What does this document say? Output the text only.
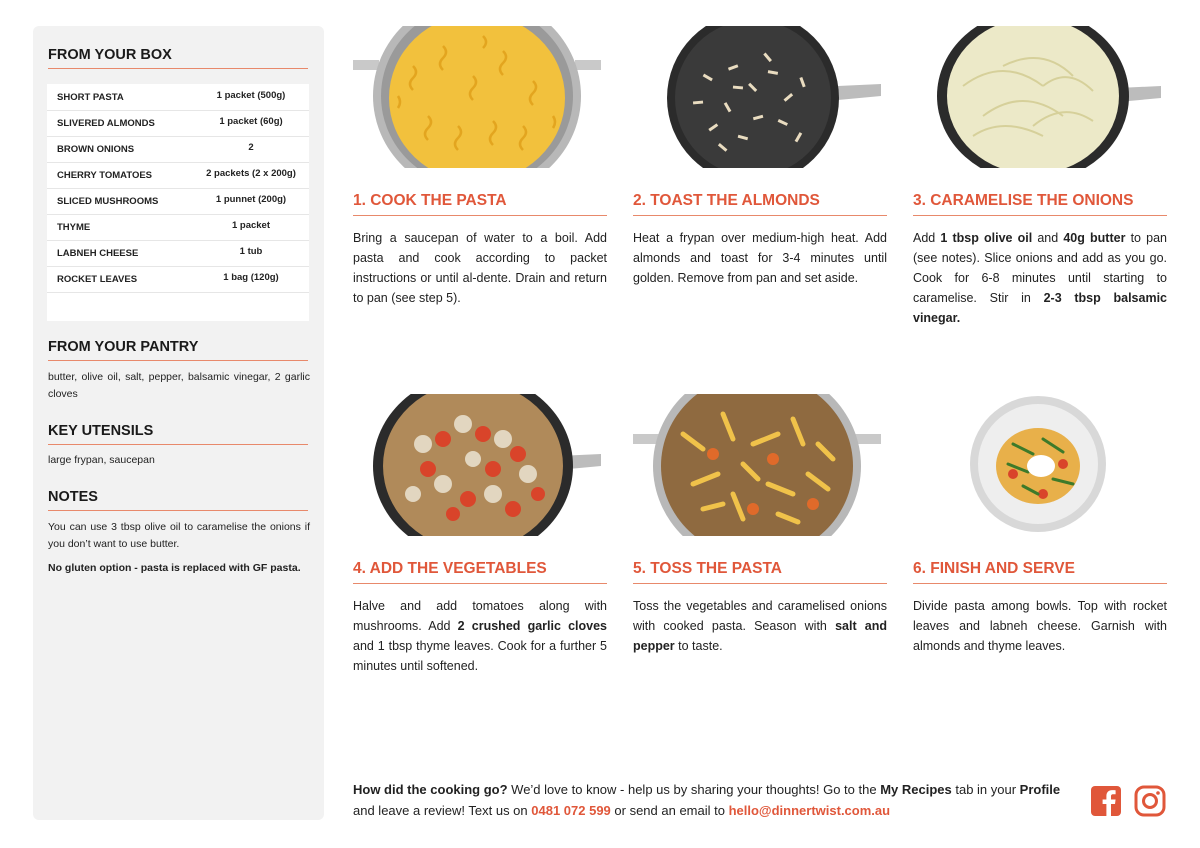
FROM YOUR BOX
SHORT PASTA	1 packet (500g)
SLIVERED ALMONDS	1 packet (60g)
BROWN ONIONS	2
CHERRY TOMATOES	2 packets (2 x 200g)
SLICED MUSHROOMS	1 punnet (200g)
THYME	1 packet
LABNEH CHEESE	1 tub
ROCKET LEAVES	1 bag (120g)
FROM YOUR PANTRY
butter, olive oil, salt, pepper, balsamic vinegar, 2 garlic cloves
KEY UTENSILS
large frypan, saucepan
NOTES
You can use 3 tbsp olive oil to caramelise the onions if you don’t want to use butter.
No gluten option - pasta is replaced with GF pasta.
1. COOK THE PASTA
Bring a saucepan of water to a boil. Add pasta and cook according to packet instructions or until al-dente. Drain and return to pan (see step 5).
2. TOAST THE ALMONDS
Heat a frypan over medium-high heat. Add almonds and toast for 3-4 minutes until golden. Remove from pan and set aside.
3. CARAMELISE THE ONIONS
Add 1 tbsp olive oil and 40g butter to pan (see notes). Slice onions and add as you go. Cook for 6-8 minutes until starting to caramelise. Stir in 2-3 tbsp balsamic vinegar.
4. ADD THE VEGETABLES
Halve and add tomatoes along with mushrooms. Add 2 crushed garlic cloves and 1 tbsp thyme leaves. Cook for a further 5 minutes until softened.
5. TOSS THE PASTA
Toss the vegetables and caramelised onions with cooked pasta. Season with salt and pepper to taste.
6. FINISH AND SERVE
Divide pasta among bowls. Top with rocket leaves and labneh cheese. Garnish with almonds and thyme leaves.
How did the cooking go? We’d love to know - help us by sharing your thoughts! Go to the My Recipes tab in your Profile and leave a review! Text us on 0481 072 599 or send an email to hello@dinnertwist.com.au
